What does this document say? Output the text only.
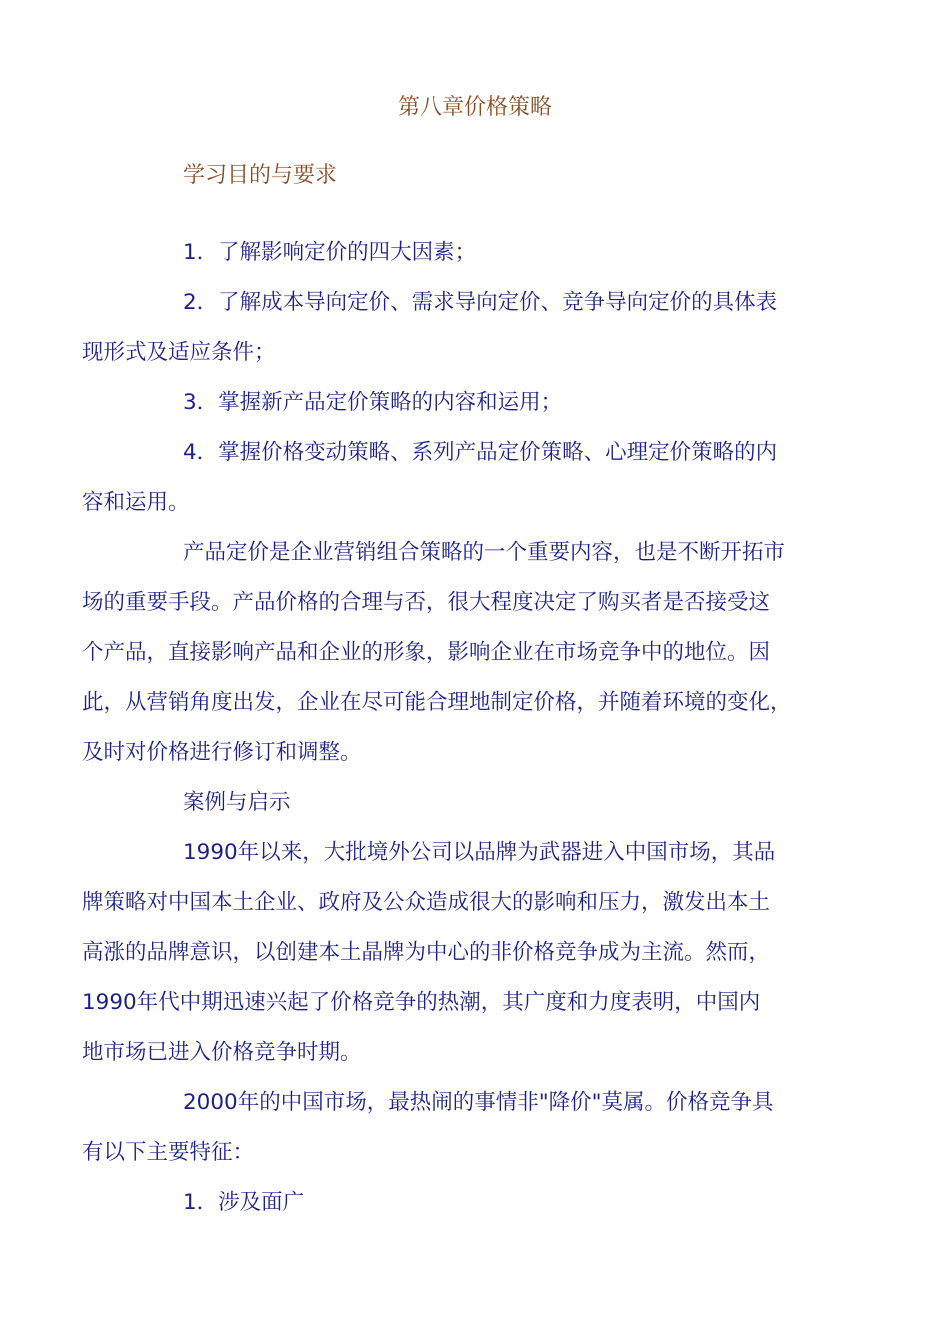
第八章价格策略
学习目的与要求

1．了解影响定价的四大因素；

2．了解成本导向定价、需求导向定价、竞争导向定价的具体表
现形式及适应条件；

3．掌握新产品定价策略的内容和运用；

4．掌握价格变动策略、系列产品定价策略、心理定价策略的内
容和运用。

产品定价是企业营销组合策略的一个重要内容，也是不断开拓市
场的重要手段。产品价格的合理与否，很大程度决定了购买者是否接受这
个产品，直接影响产品和企业的形象，影响企业在市场竞争中的地位。因
此，从营销角度出发，企业在尽可能合理地制定价格，并随着环境的变化，
及时对价格进行修订和调整。

案例与启示

1990年以来，大批境外公司以品牌为武器进入中国市场，其品
牌策略对中国本土企业、政府及公众造成很大的影响和压力，激发出本土
高涨的品牌意识，以创建本土晶牌为中心的非价格竞争成为主流。然而，
1990年代中期迅速兴起了价格竞争的热潮，其广度和力度表明，中国内
地市场已进入价格竞争时期。

2000年的中国市场，最热闹的事情非"降价"莫属。价格竞争具
有以下主要特征：

1．涉及面广
